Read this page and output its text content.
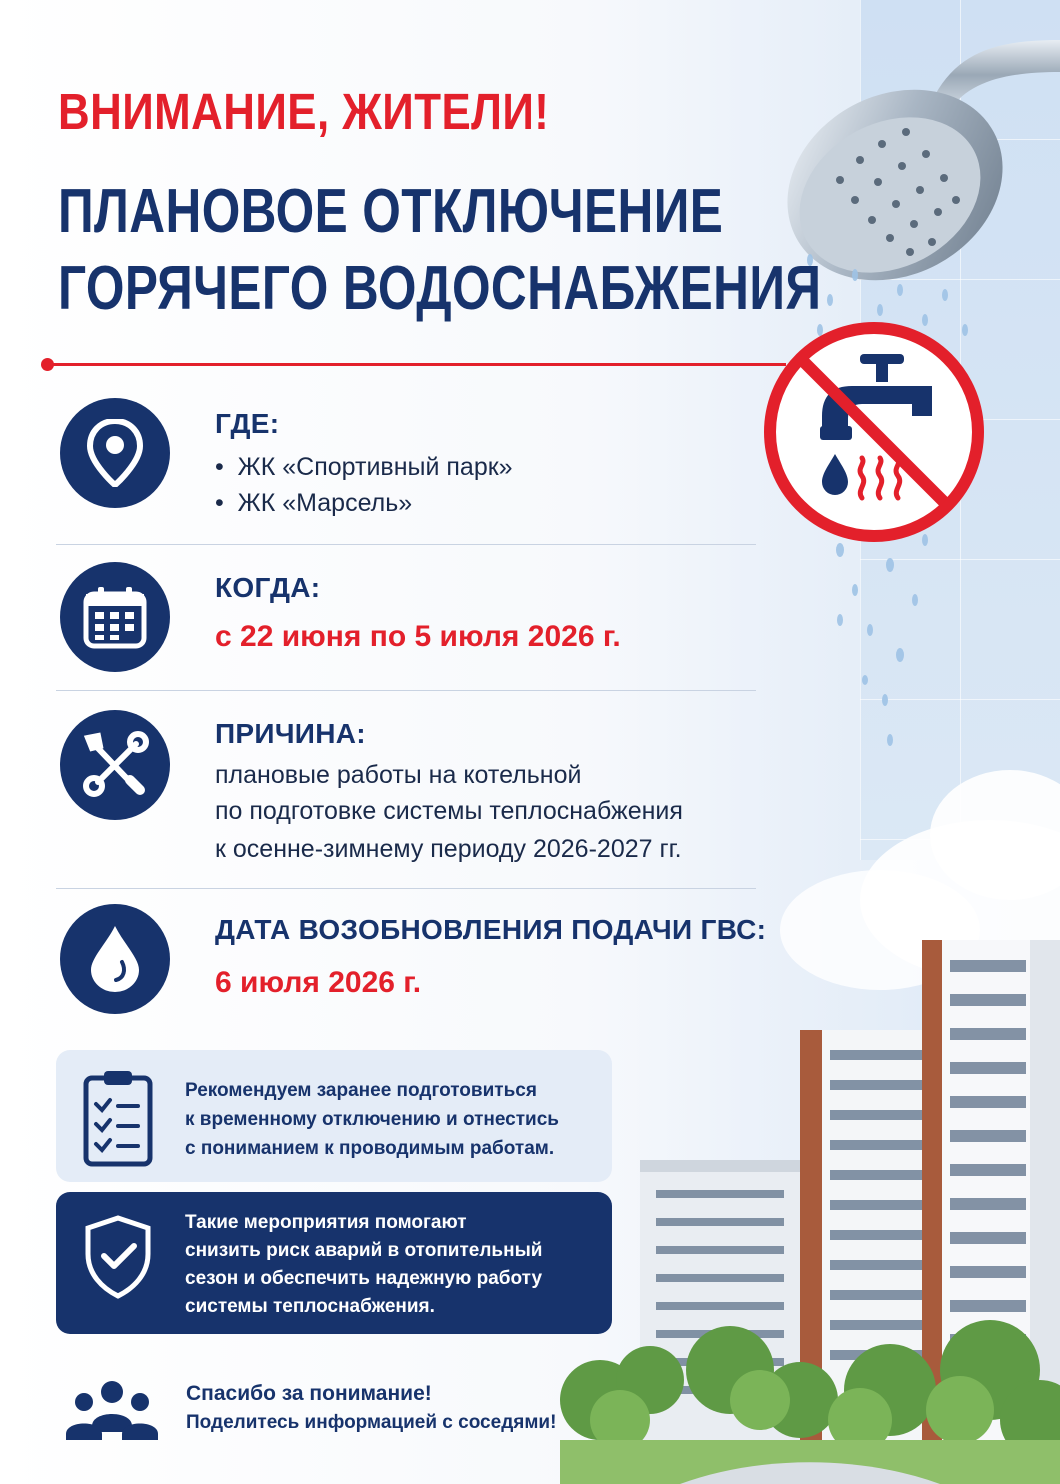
ВНИМАНИЕ, ЖИТЕЛИ!
ПЛАНОВОЕ ОТКЛЮЧЕНИЕ
ГОРЯЧЕГО ВОДОСНАБЖЕНИЯ
ГДЕ:
•  ЖК «Спортивный парк»
•  ЖК «Марсель»
КОГДА:
с 22 июня по 5 июля 2026 г.
ПРИЧИНА:
плановые работы на котельной
по подготовке системы теплоснабжения
к осенне-зимнему периоду 2026-2027 гг.
ДАТА ВОЗОБНОВЛЕНИЯ ПОДАЧИ ГВС:
6 июля 2026 г.
Рекомендуем заранее подготовиться
к временному отключению и отнестись
с пониманием к проводимым работам.
Такие мероприятия помогают
снизить риск аварий в отопительный
сезон и обеспечить надежную работу
системы теплоснабжения.
Спасибо за понимание!
Поделитесь информацией с соседями!
